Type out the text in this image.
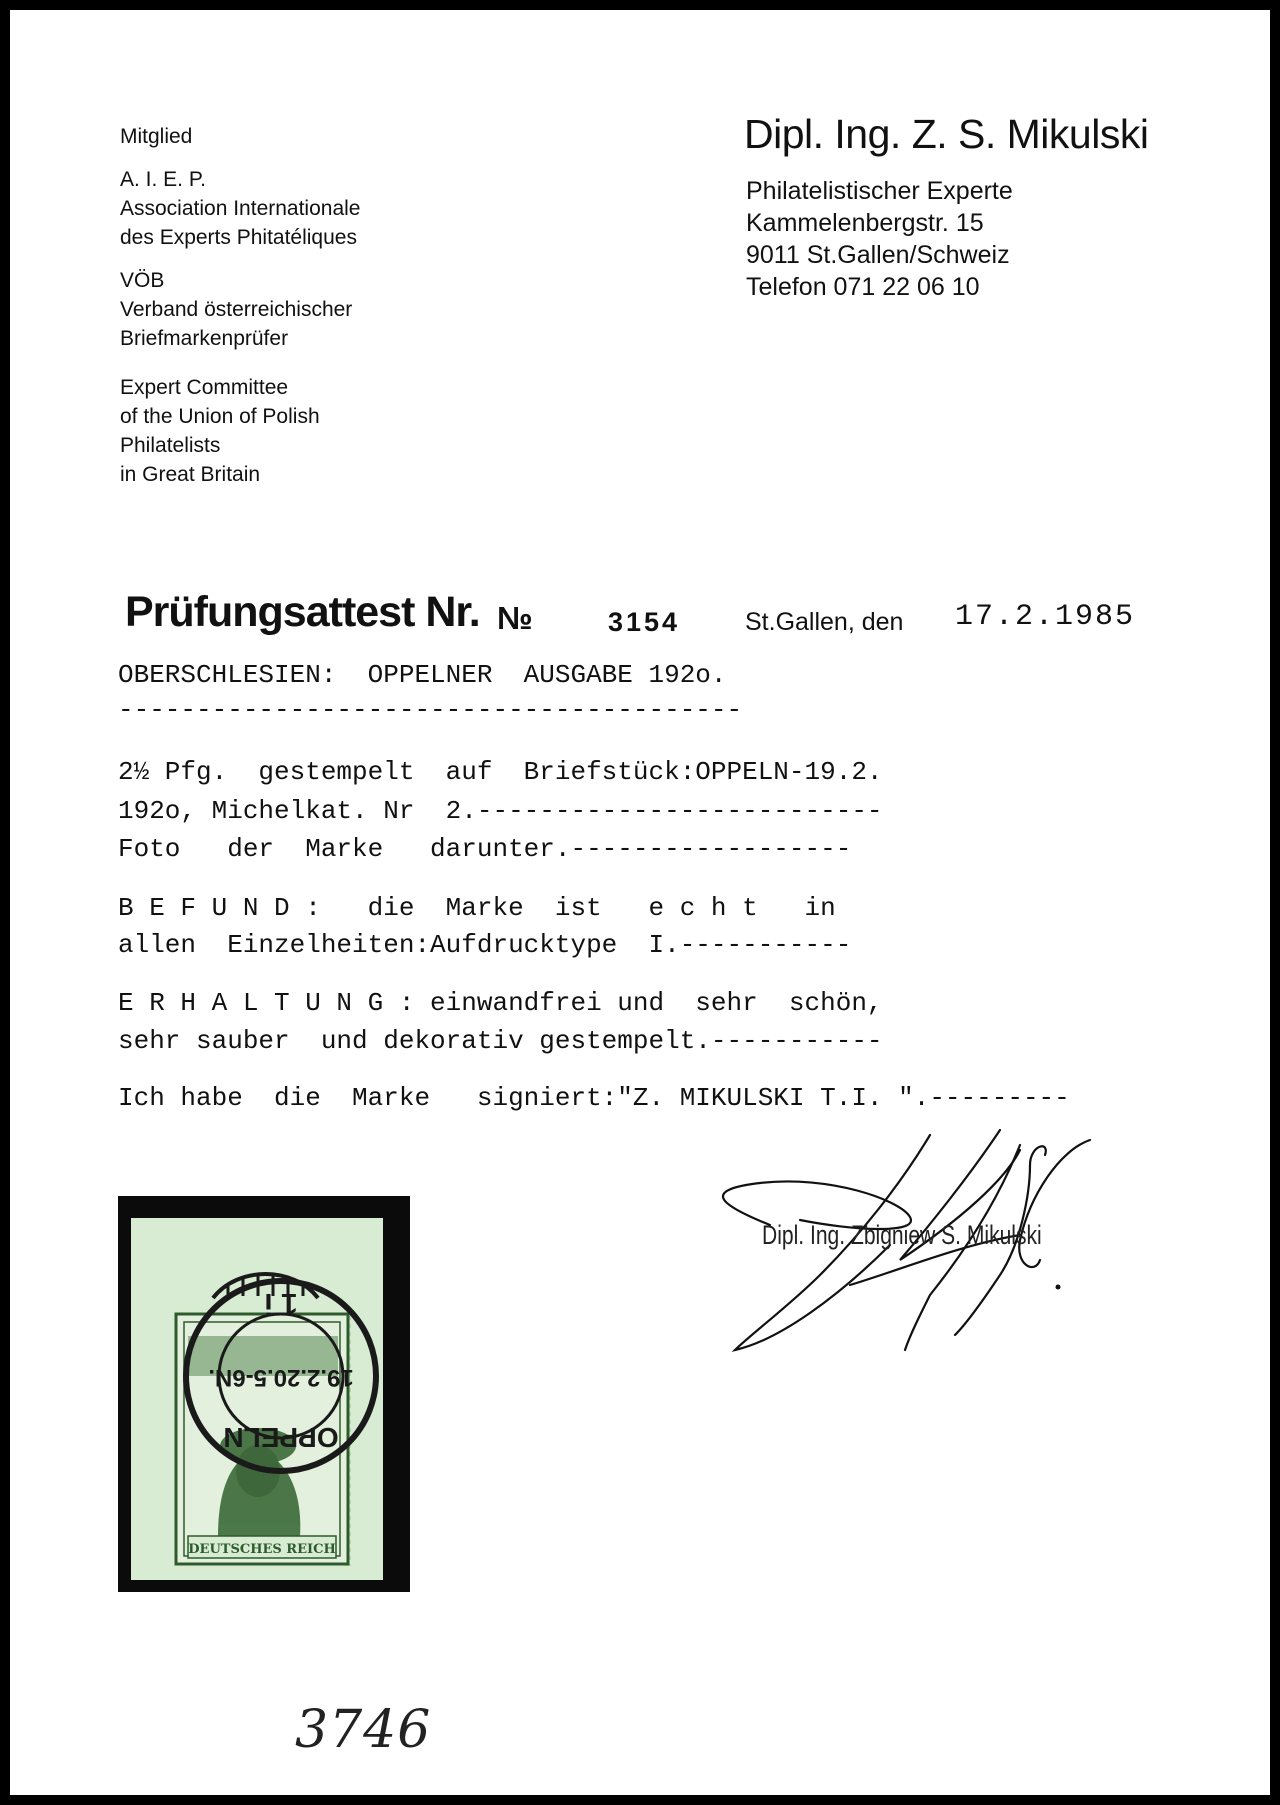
Mitglied
A. I. E. P.
Association Internationale
des Experts Phitatéliques
VÖB
Verband österreichischer
Briefmarkenprüfer
Expert Committee
of the Union of Polish
Philatelists
in Great Britain
Dipl. Ing. Z. S. Mikulski
Philatelistischer Experte
Kammelenbergstr. 15
9011 St.Gallen/Schweiz
Telefon 071 22 06 10
Prüfungsattest Nr. №	3154	St.Gallen, den 17.2.1985
OBERSCHLESIEN:  OPPELNER  AUSGABE 192o.
----------------------------------------
2½ Pfg.  gestempelt  auf  Briefstück:OPPELN-19.2.
192o, Michelkat. Nr  2.--------------------------
Foto   der  Marke   darunter.------------------
B E F U N D :   die  Marke  ist   e c h t   in
allen  Einzelheiten:Aufdrucktype  I.-----------
E R H A L T U N G : einwandfrei und  sehr  schön,
sehr sauber  und dekorativ gestempelt.-----------
Ich habe  die  Marke   signiert:"Z. MIKULSKI T.I. ".---------
Dipl. Ing. Zbigniew S. Mikulski
DEUTSCHES REICH
19.2.20.5-6N.
1 i
OPPELN
3746
